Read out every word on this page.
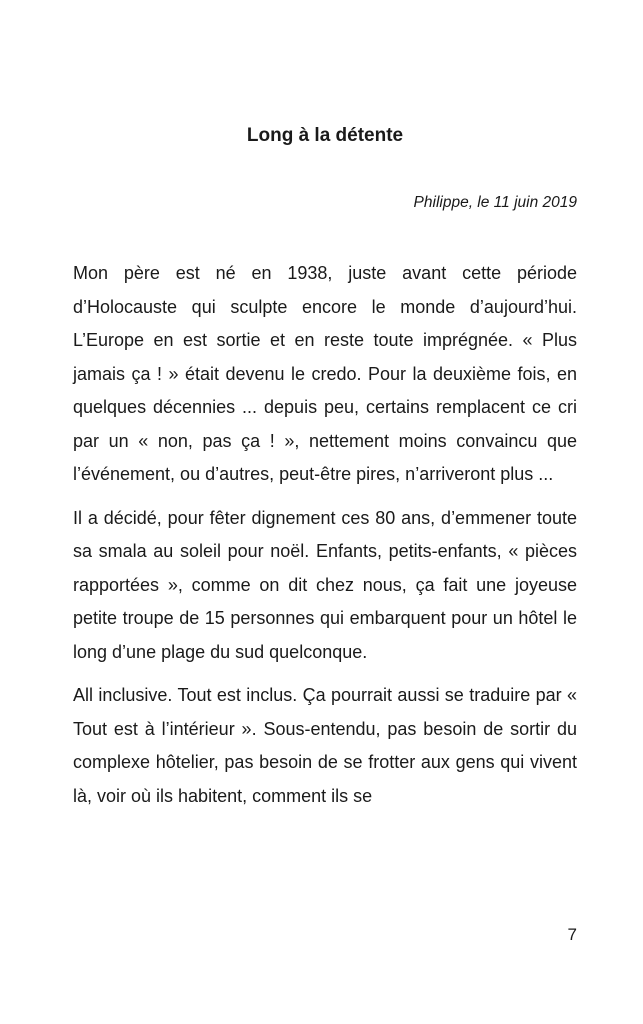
Long à la détente

Philippe, le 11 juin 2019

Mon père est né en 1938, juste avant cette période d’Holocauste qui sculpte encore le monde d’aujourd’hui. L’Europe en est sortie et en reste toute imprégnée. « Plus jamais ça ! » était devenu le credo. Pour la deuxième fois, en quelques décennies ... depuis peu, certains remplacent ce cri par un « non, pas ça ! », nettement moins convaincu que l’événement, ou d’autres, peut-être pires, n’arriveront plus ...

Il a décidé, pour fêter dignement ces 80 ans, d’emmener toute sa smala au soleil pour noël. Enfants, petits-enfants, « pièces rapportées », comme on dit chez nous, ça fait une joyeuse petite troupe de 15 personnes qui embarquent pour un hôtel le long d’une plage du sud quelconque.

All inclusive. Tout est inclus. Ça pourrait aussi se traduire par « Tout est à l’intérieur ». Sous-entendu, pas besoin de sortir du complexe hôtelier, pas besoin de se frotter aux gens qui vivent là, voir où ils habitent, comment ils se

7
